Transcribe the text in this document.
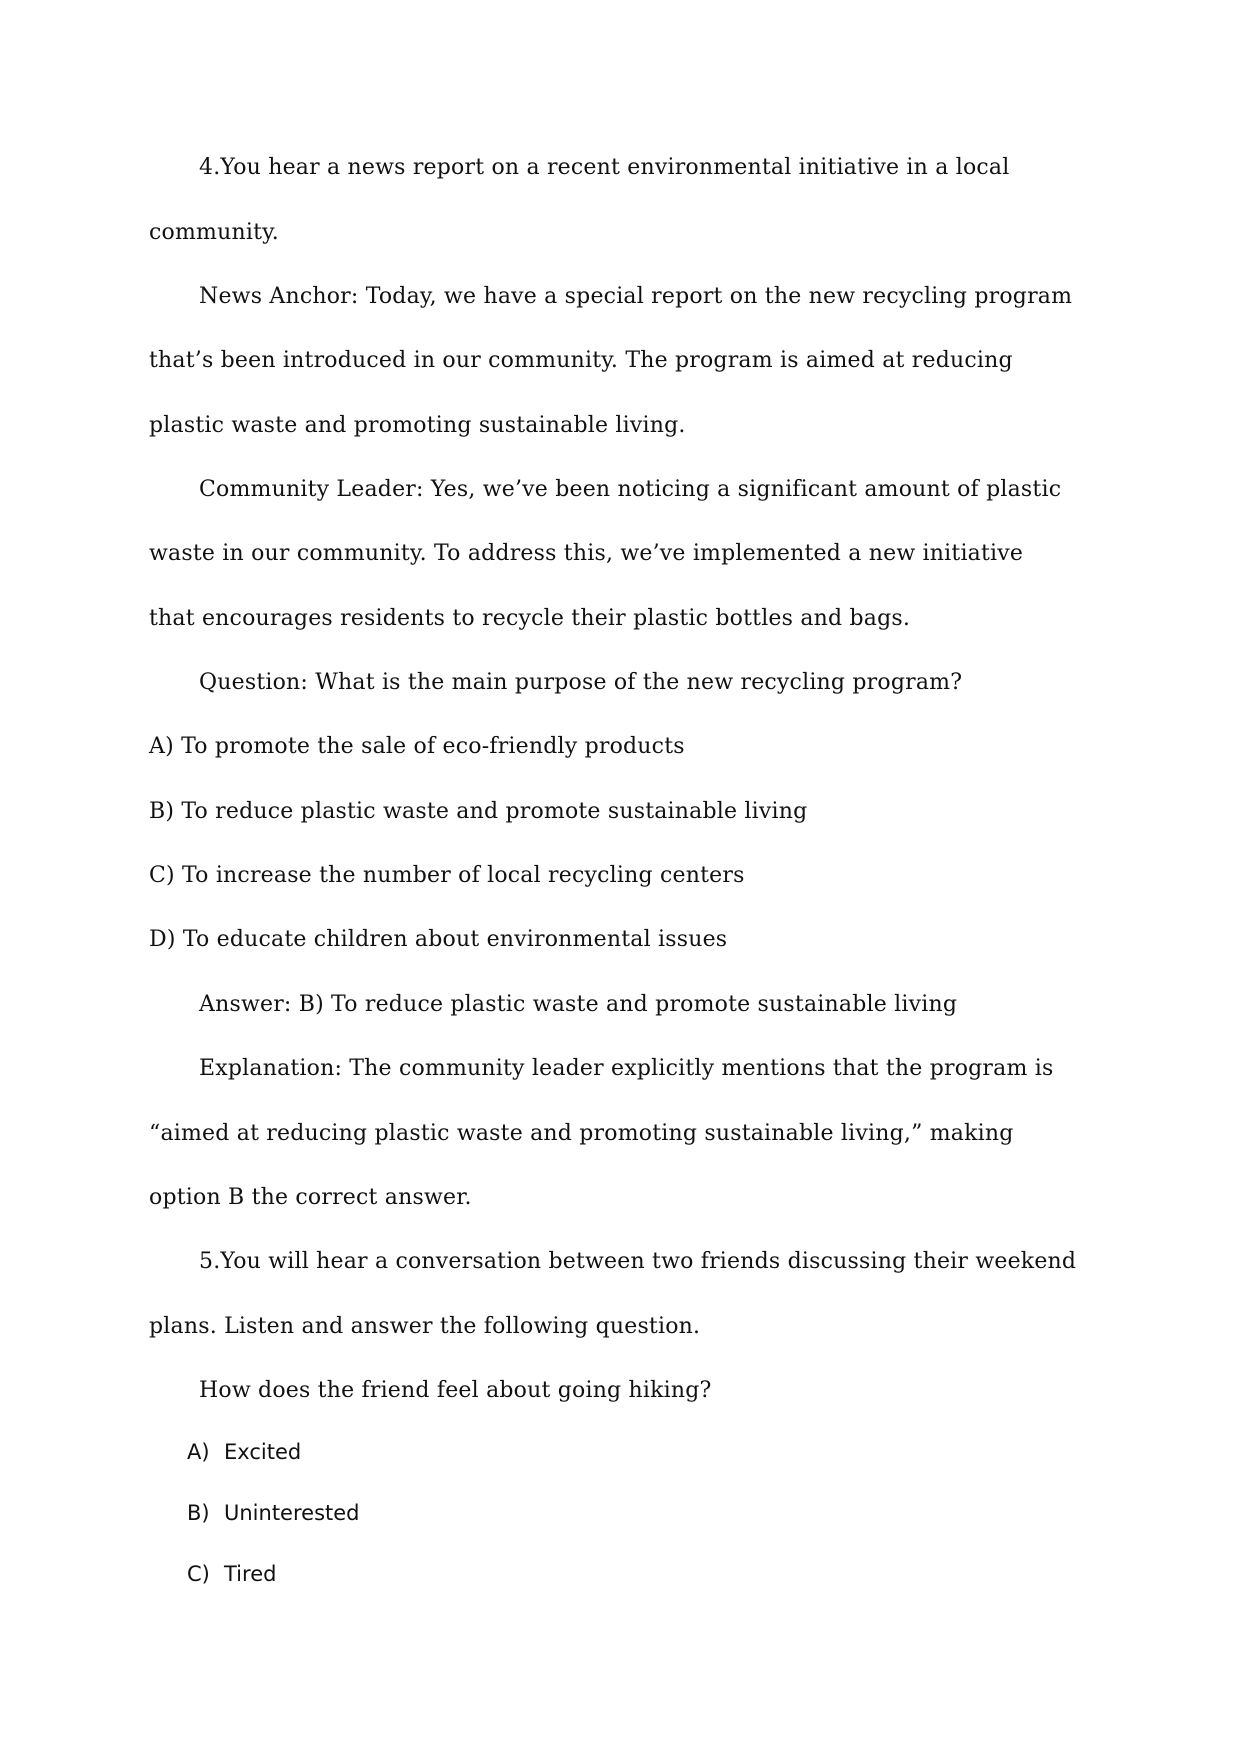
4.You hear a news report on a recent environmental initiative in a local
community.
News Anchor: Today, we have a special report on the new recycling program
that’s been introduced in our community. The program is aimed at reducing
plastic waste and promoting sustainable living.
Community Leader: Yes, we’ve been noticing a significant amount of plastic
waste in our community. To address this, we’ve implemented a new initiative
that encourages residents to recycle their plastic bottles and bags.
Question: What is the main purpose of the new recycling program?
A) To promote the sale of eco-friendly products
B) To reduce plastic waste and promote sustainable living
C) To increase the number of local recycling centers
D) To educate children about environmental issues
Answer: B) To reduce plastic waste and promote sustainable living
Explanation: The community leader explicitly mentions that the program is
“aimed at reducing plastic waste and promoting sustainable living,” making
option B the correct answer.
5.You will hear a conversation between two friends discussing their weekend
plans. Listen and answer the following question.
How does the friend feel about going hiking?
A) Excited
B) Uninterested
C) Tired
